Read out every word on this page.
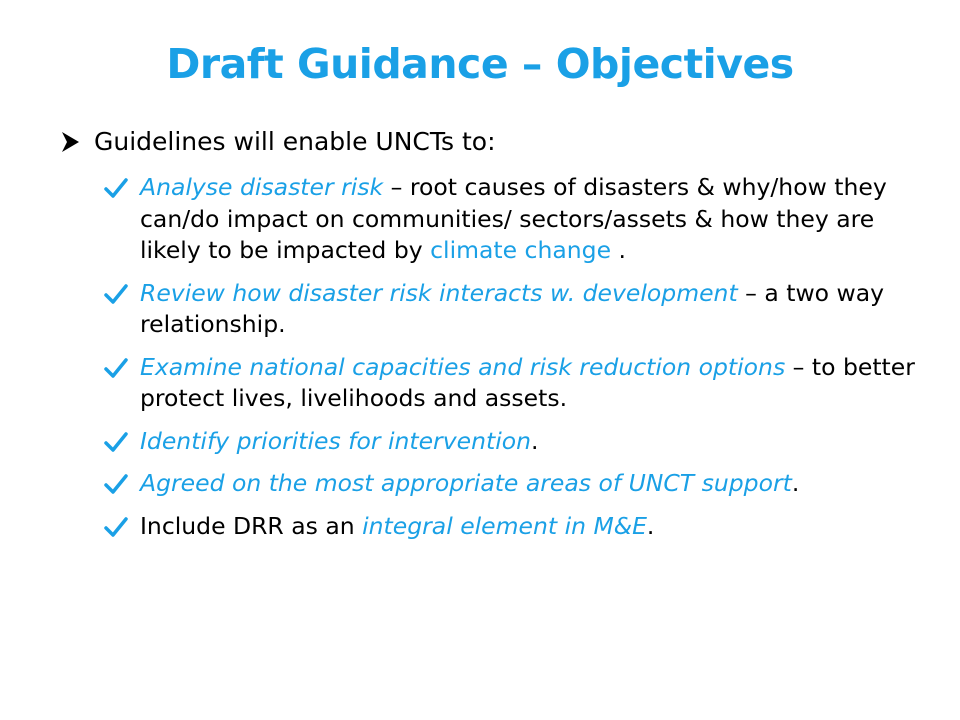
Draft Guidance – Objectives
Guidelines will enable UNCTs to:
Analyse disaster risk – root causes of disasters & why/how they can/do impact on communities/ sectors/assets & how they are likely to be impacted by climate change .
Review how disaster risk interacts w. development – a two way relationship.
Examine national capacities and risk reduction options – to better protect lives, livelihoods and assets.
Identify priorities for intervention.
Agreed on the most appropriate areas of UNCT support.
Include DRR as an integral element in M&E.
